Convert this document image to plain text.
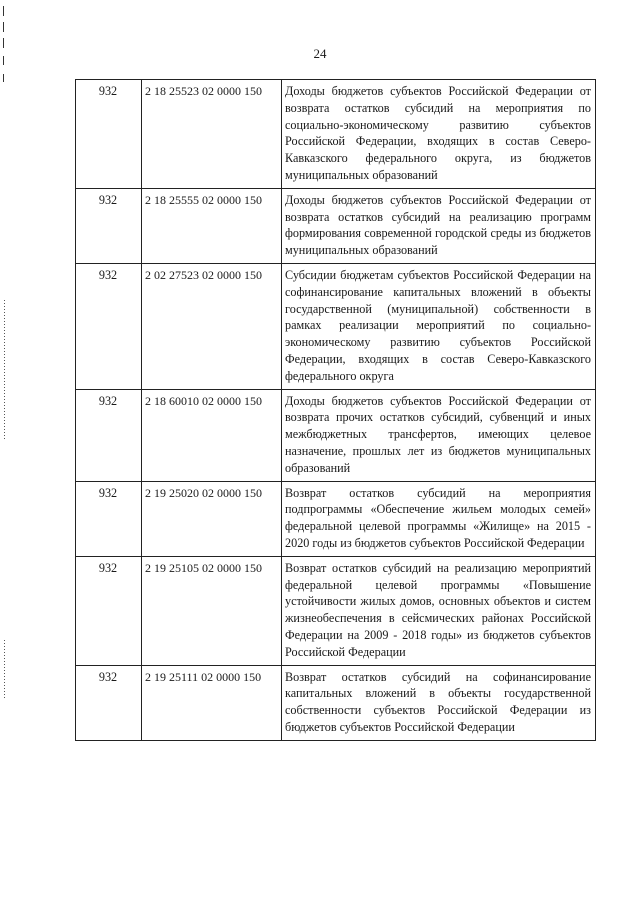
24
932	2 18 25523 02 0000 150	Доходы бюджетов субъектов Российской Федерации от возврата остатков субсидий на мероприятия по социально-экономическому развитию субъектов Российской Федерации, входящих в состав Северо-Кавказского федерального округа, из бюджетов муниципальных образований
932	2 18 25555 02 0000 150	Доходы бюджетов субъектов Российской Федерации от возврата остатков субсидий на реализацию программ формирования современной городской среды из бюджетов муниципальных образований
932	2 02 27523 02 0000 150	Субсидии бюджетам субъектов Российской Федерации на софинансирование капитальных вложений в объекты государственной (муниципальной) собственности в рамках реализации мероприятий по социально-экономическому развитию субъектов Российской Федерации, входящих в состав Северо-Кавказского федерального округа
932	2 18 60010 02 0000 150	Доходы бюджетов субъектов Российской Федерации от возврата прочих остатков субсидий, субвенций и иных межбюджетных трансфертов, имеющих целевое назначение, прошлых лет из бюджетов муниципальных образований
932	2 19 25020 02 0000 150	Возврат остатков субсидий на мероприятия подпрограммы «Обеспечение жильем молодых семей» федеральной целевой программы «Жилище» на 2015 - 2020 годы из бюджетов субъектов Российской Федерации
932	2 19 25105 02 0000 150	Возврат остатков субсидий на реализацию мероприятий федеральной целевой программы «Повышение устойчивости жилых домов, основных объектов и систем жизнеобеспечения в сейсмических районах Российской Федерации на 2009 - 2018 годы» из бюджетов субъектов Российской Федерации
932	2 19 25111 02 0000 150	Возврат остатков субсидий на софинансирование капитальных вложений в объекты государственной собственности субъектов Российской Федерации из бюджетов субъектов Российской Федерации
